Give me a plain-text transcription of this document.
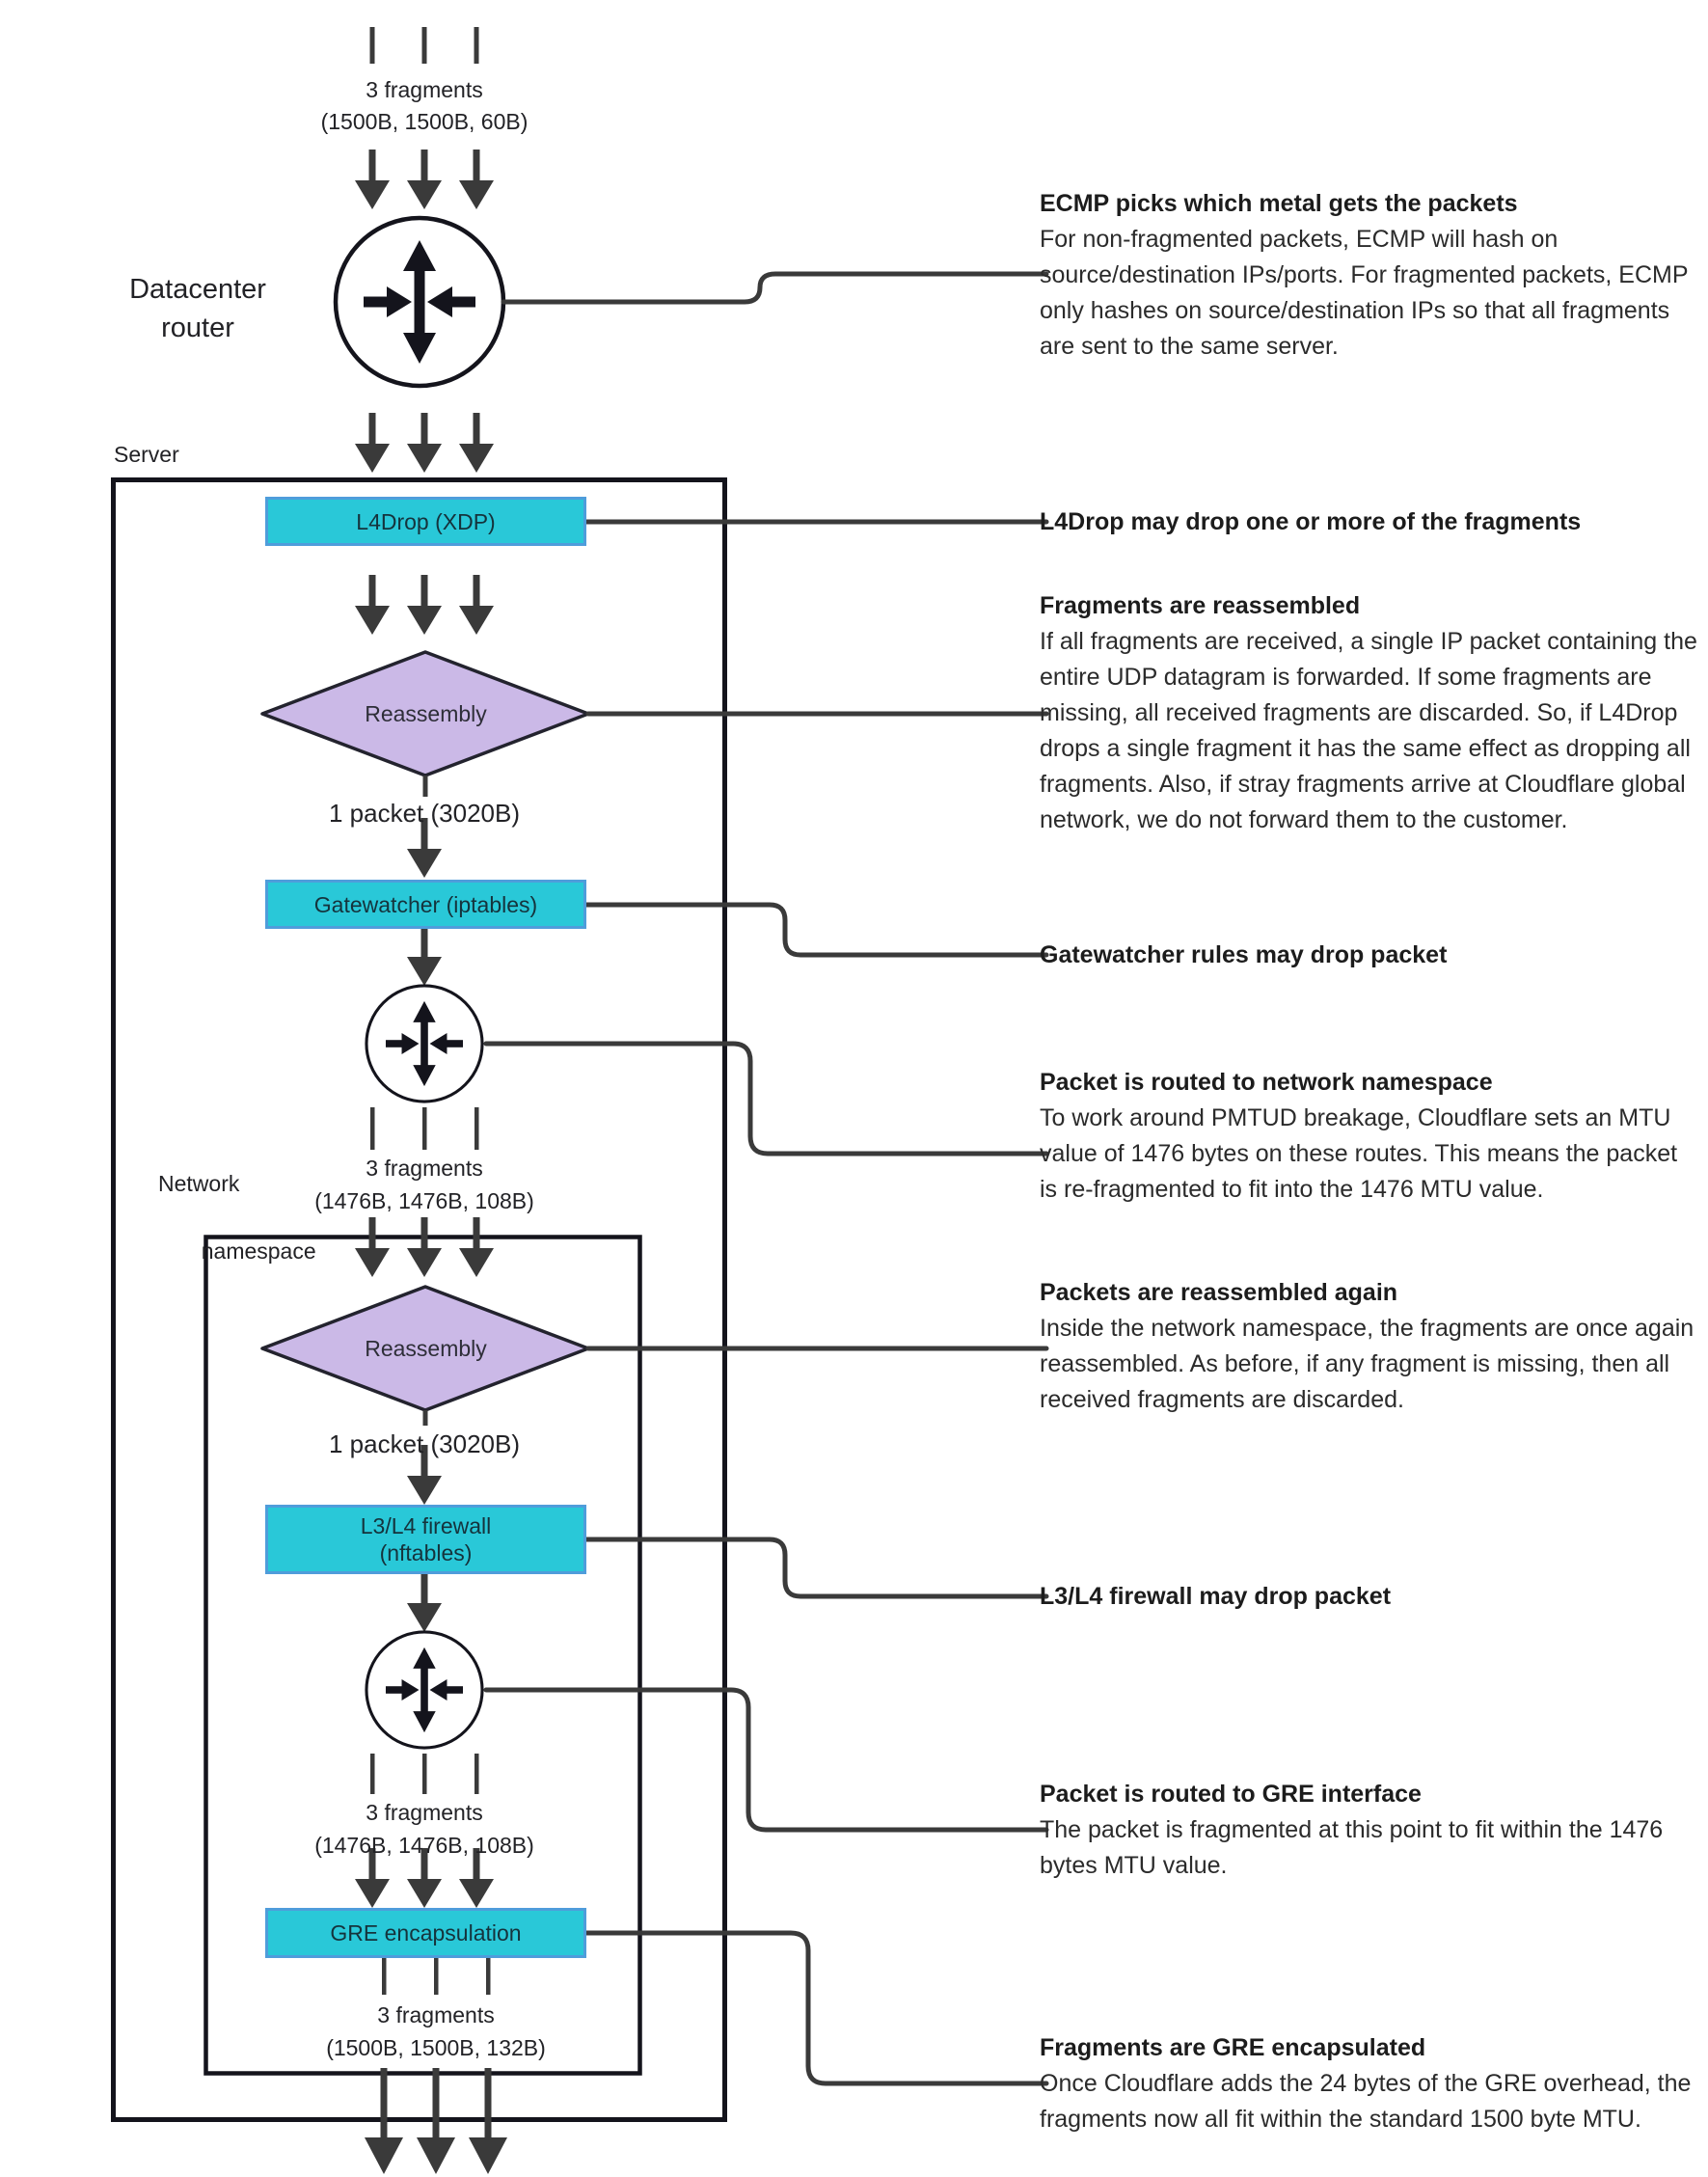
3 fragments
(1500B, 1500B, 60B)
Datacenter
router
Server
L4Drop (XDP)
Reassembly
1 packet (3020B)
Gatewatcher (iptables)
3 fragments
(1476B, 1476B, 108B)
Network

namespace
Reassembly
1 packet (3020B)
L3/L4 firewall
(nftables)
3 fragments
(1476B, 1476B, 108B)
GRE encapsulation
3 fragments
(1500B, 1500B, 132B)
ECMP picks which metal gets the packets

For non-fragmented packets, ECMP will hash on source/destination IPs/ports. For fragmented packets, ECMP only hashes on source/destination IPs so that all fragments are sent to the same server.

L4Drop may drop one or more of the fragments

Fragments are reassembled

If all fragments are received, a single IP packet containing the entire UDP datagram is forwarded. If some fragments are missing, all received fragments are discarded. So, if L4Drop drops a single fragment it has the same effect as dropping all fragments. Also, if stray fragments arrive at Cloudflare global network, we do not forward them to the customer.

Gatewatcher rules may drop packet

Packet is routed to network namespace

To work around PMTUD breakage, Cloudflare sets an MTU value of 1476 bytes on these routes. This means the packet is re-fragmented to fit into the 1476 MTU value.

Packets are reassembled again

Inside the network namespace, the fragments are once again reassembled. As before, if any fragment is missing, then all received fragments are discarded.

L3/L4 firewall may drop packet

Packet is routed to GRE interface

The packet is fragmented at this point to fit within the 1476 bytes MTU value.

Fragments are GRE encapsulated

Once Cloudflare adds the 24 bytes of the GRE overhead, the fragments now all fit within the standard 1500 byte MTU.
